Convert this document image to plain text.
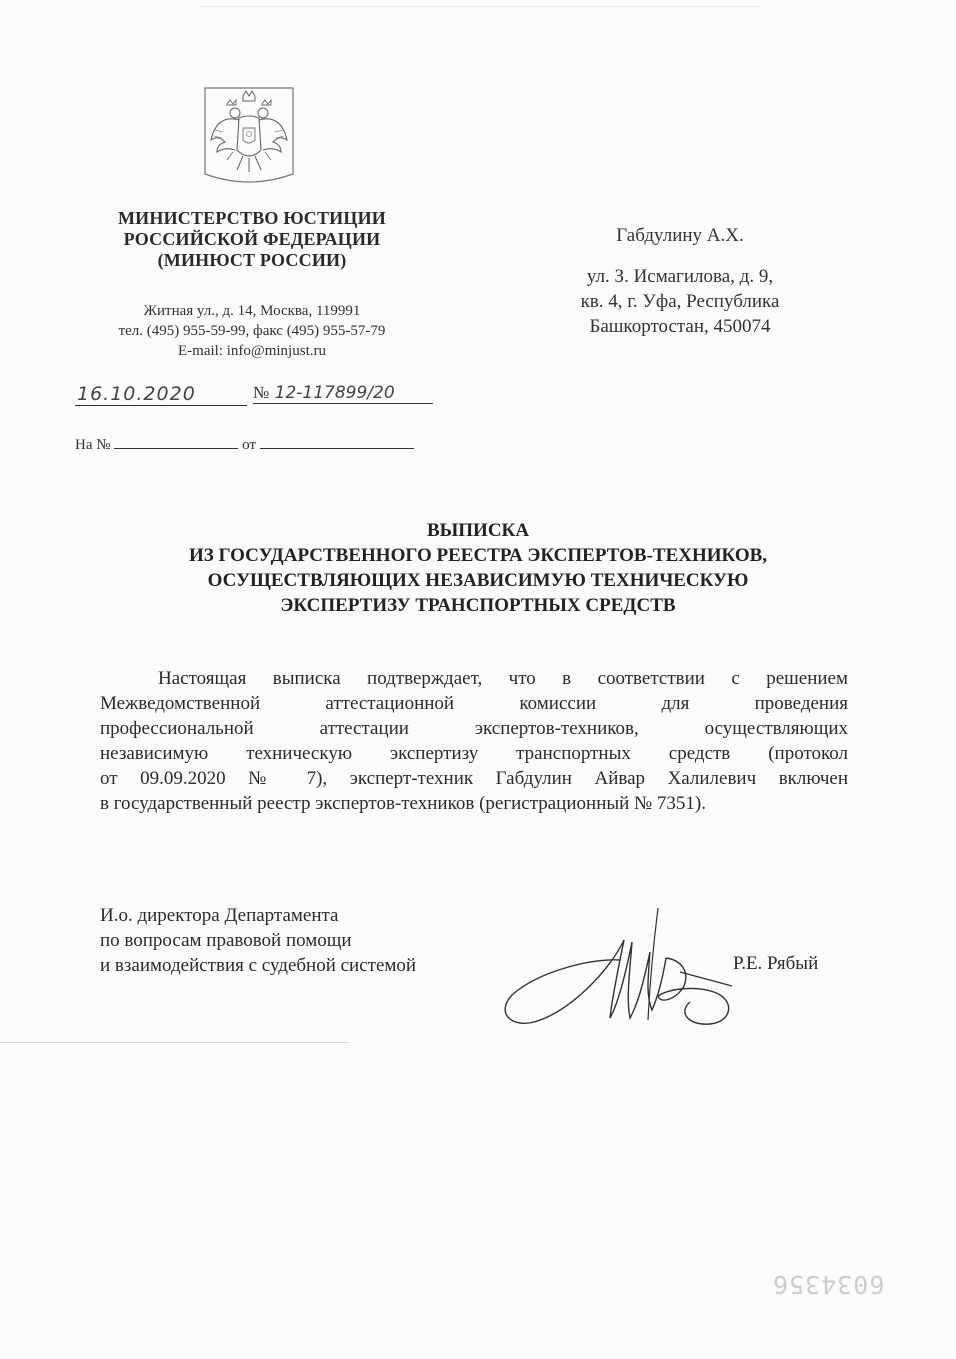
МИНИСТЕРСТВО ЮСТИЦИИ
РОССИЙСКОЙ ФЕДЕРАЦИИ
(МИНЮСТ РОССИИ)
Житная ул., д. 14, Москва, 119991
тел. (495) 955-59-99, факс (495) 955-57-79
E-mail: info@minjust.ru
16.10.2020	№ 12-117899/20
На №	от
Габдулину А.Х.
ул. З. Исмагилова, д. 9,
кв. 4, г. Уфа, Республика
Башкортостан, 450074
ВЫПИСКА
ИЗ ГОСУДАРСТВЕННОГО РЕЕСТРА ЭКСПЕРТОВ-ТЕХНИКОВ,
ОСУЩЕСТВЛЯЮЩИХ НЕЗАВИСИМУЮ ТЕХНИЧЕСКУЮ
ЭКСПЕРТИЗУ ТРАНСПОРТНЫХ СРЕДСТВ
Настоящая выписка подтверждает, что в соответствии с решением
Межведомственной аттестационной комиссии для проведения
профессиональной аттестации экспертов-техников, осуществляющих
независимую техническую экспертизу транспортных средств (протокол
от 09.09.2020 № 7), эксперт-техник Габдулин Айвар Халилевич включен
в государственный реестр экспертов-техников (регистрационный № 7351).
И.о. директора Департамента
по вопросам правовой помощи
и взаимодействия с судебной системой	Р.Е. Рябый
6034356
